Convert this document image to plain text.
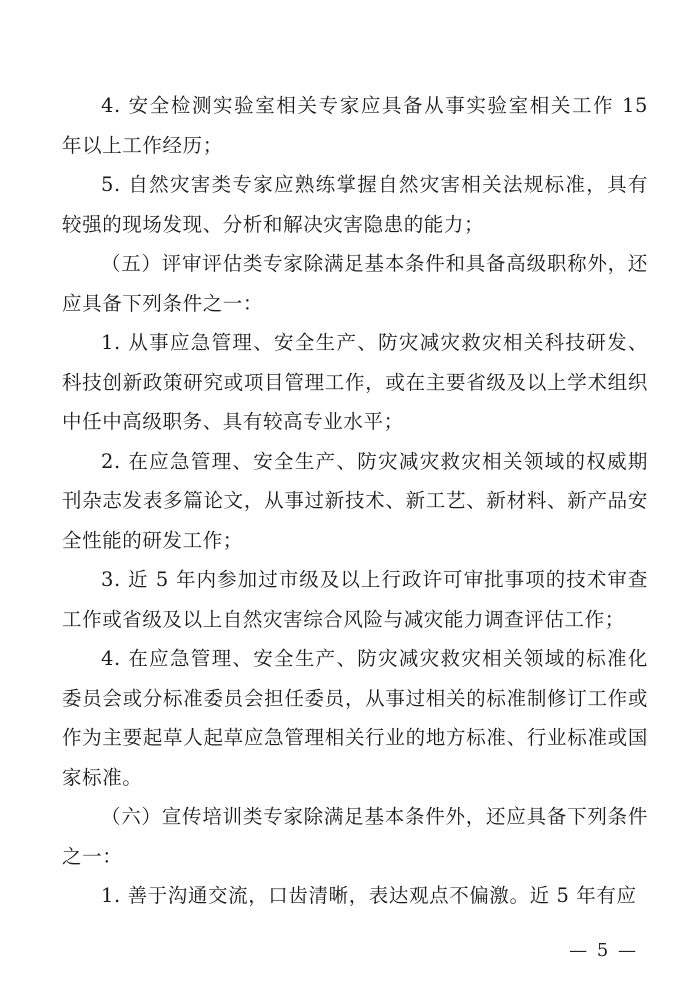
4. 安全检测实验室相关专家应具备从事实验室相关工作 15 年以上工作经历；

5. 自然灾害类专家应熟练掌握自然灾害相关法规标准，具有较强的现场发现、分析和解决灾害隐患的能力；

（五）评审评估类专家除满足基本条件和具备高级职称外，还应具备下列条件之一：

1. 从事应急管理、安全生产、防灾减灾救灾相关科技研发、科技创新政策研究或项目管理工作，或在主要省级及以上学术组织中任中高级职务、具有较高专业水平；

2. 在应急管理、安全生产、防灾减灾救灾相关领域的权威期刊杂志发表多篇论文，从事过新技术、新工艺、新材料、新产品安全性能的研发工作；

3. 近 5 年内参加过市级及以上行政许可审批事项的技术审查工作或省级及以上自然灾害综合风险与减灾能力调查评估工作；

4. 在应急管理、安全生产、防灾减灾救灾相关领域的标准化委员会或分标准委员会担任委员，从事过相关的标准制修订工作或作为主要起草人起草应急管理相关行业的地方标准、行业标准或国家标准。

（六）宣传培训类专家除满足基本条件外，还应具备下列条件之一：

1. 善于沟通交流，口齿清晰，表达观点不偏激。近 5 年有应

— 5 —
